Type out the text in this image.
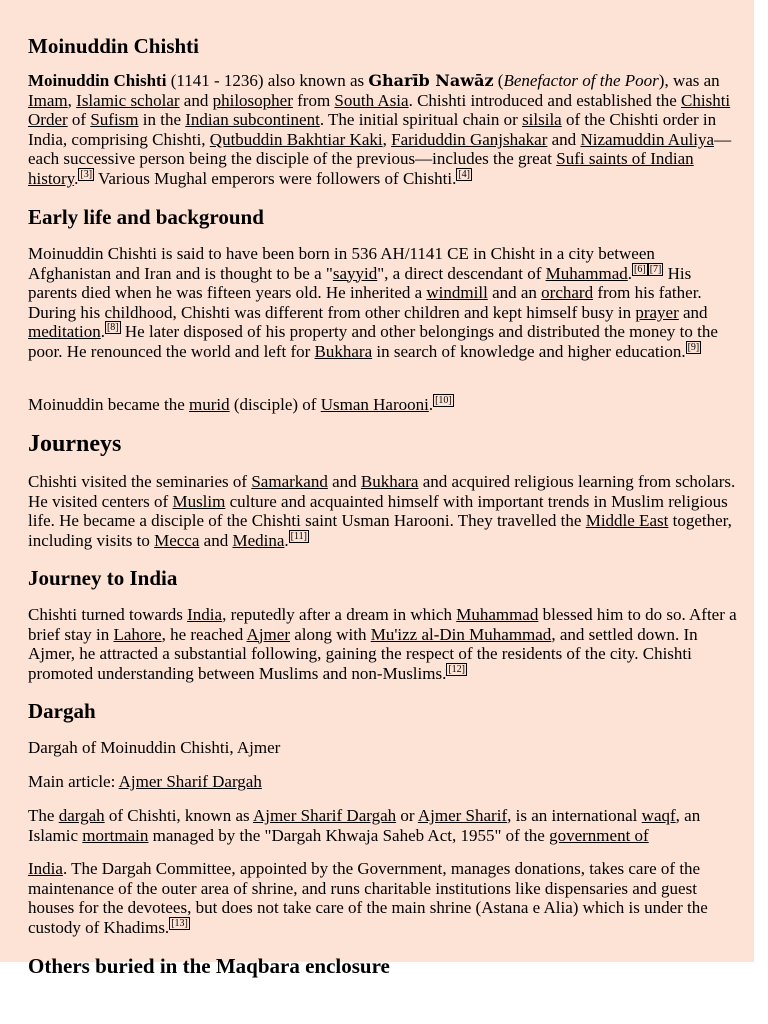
Moinuddin Chishti

Moinuddin Chishti (1141 - 1236) also known as Gharīb Nawāz (Benefactor of the Poor), was an Imam, Islamic scholar and philosopher from South Asia. Chishti introduced and established the Chishti Order of Sufism in the Indian subcontinent. The initial spiritual chain or silsila of the Chishti order in India, comprising Chishti, Qutbuddin Bakhtiar Kaki, Fariduddin Ganjshakar and Nizamuddin Auliya—each successive person being the disciple of the previous—includes the great Sufi saints of Indian history. [3] Various Mughal emperors were followers of Chishti. [4]

Early life and background

Moinuddin Chishti is said to have been born in 536 AH/1141 CE in Chisht in a city between Afghanistan and Iran and is thought to be a "sayyid", a direct descendant of Muhammad. [6] [7] His parents died when he was fifteen years old. He inherited a windmill and an orchard from his father. During his childhood, Chishti was different from other children and kept himself busy in prayer and meditation. [8] He later disposed of his property and other belongings and distributed the money to the poor. He renounced the world and left for Bukhara in search of knowledge and higher education. [9]

Moinuddin became the murid (disciple) of Usman Harooni. [10]

Journeys

Chishti visited the seminaries of Samarkand and Bukhara and acquired religious learning from scholars. He visited centers of Muslim culture and acquainted himself with important trends in Muslim religious life. He became a disciple of the Chishti saint Usman Harooni. They travelled the Middle East together, including visits to Mecca and Medina. [11]

Journey to India

Chishti turned towards India, reputedly after a dream in which Muhammad blessed him to do so. After a brief stay in Lahore, he reached Ajmer along with Mu'izz al-Din Muhammad, and settled down. In Ajmer, he attracted a substantial following, gaining the respect of the residents of the city. Chishti promoted understanding between Muslims and non-Muslims. [12]

Dargah

Dargah of Moinuddin Chishti, Ajmer

Main article: Ajmer Sharif Dargah

The dargah of Chishti, known as Ajmer Sharif Dargah or Ajmer Sharif, is an international waqf, an Islamic mortmain managed by the "Dargah Khwaja Saheb Act, 1955" of the government of

India. The Dargah Committee, appointed by the Government, manages donations, takes care of the maintenance of the outer area of shrine, and runs charitable institutions like dispensaries and guest houses for the devotees, but does not take care of the main shrine (Astana e Alia) which is under the custody of Khadims. [13]

Others buried in the Maqbara enclosure
